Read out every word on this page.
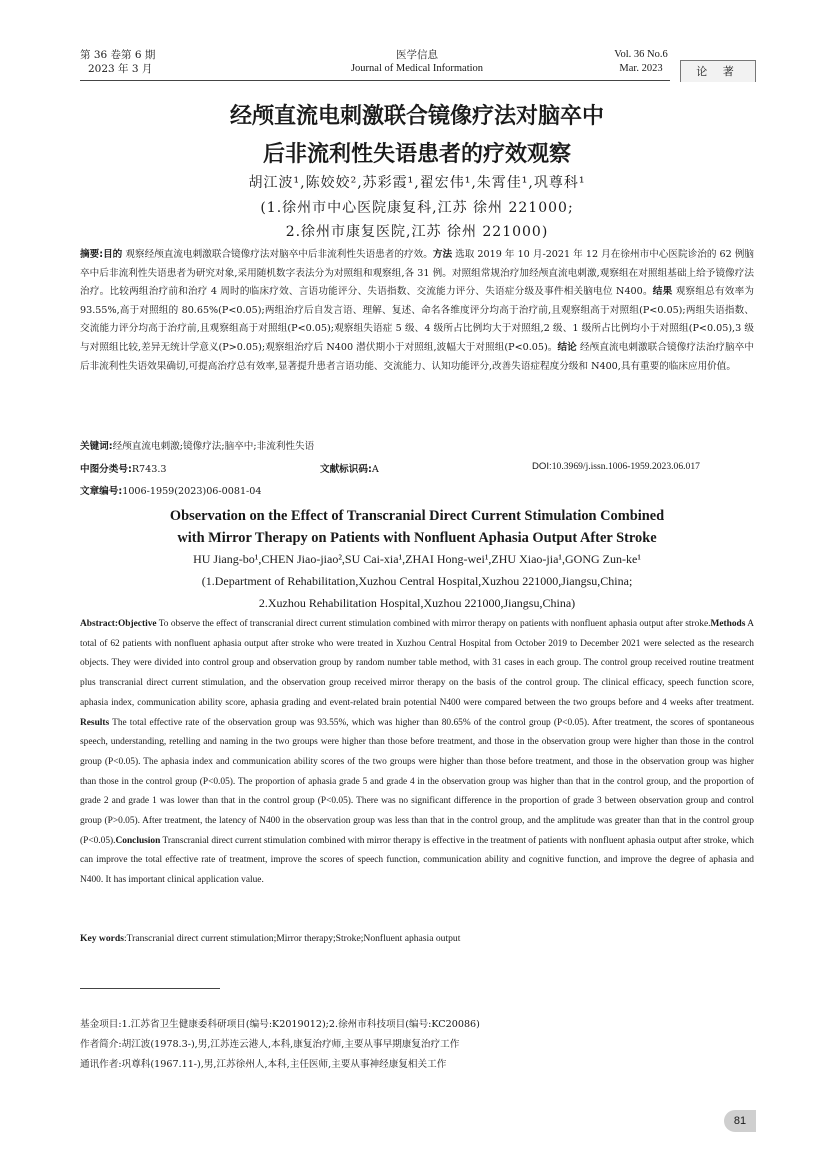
第 36 卷第 6 期
2023 年 3 月
医学信息
Journal of Medical Information
Vol. 36 No.6
Mar. 2023	论 著
经颅直流电刺激联合镜像疗法对脑卒中
后非流利性失语患者的疗效观察
胡江波¹,陈姣姣²,苏彩霞¹,翟宏伟¹,朱霄佳¹,巩尊科¹
(1.徐州市中心医院康复科,江苏 徐州 221000;
2.徐州市康复医院,江苏 徐州 221000)
摘要:目的 观察经颅直流电刺激联合镜像疗法对脑卒中后非流利性失语患者的疗效。方法 选取 2019 年 10 月-2021 年 12 月在徐州市中心医院诊治的 62 例脑卒中后非流利性失语患者为研究对象,采用随机数字表法分为对照组和观察组,各 31 例。对照组常规治疗加经颅直流电刺激,观察组在对照组基础上给予镜像疗法治疗。比较两组治疗前和治疗 4 周时的临床疗效、言语功能评分、失语指数、交流能力评分、失语症分级及事件相关脑电位 N400。结果 观察组总有效率为 93.55%,高于对照组的 80.65%(P<0.05);两组治疗后自发言语、理解、复述、命名各维度评分均高于治疗前,且观察组高于对照组(P<0.05);两组失语指数、交流能力评分均高于治疗前,且观察组高于对照组(P<0.05);观察组失语症 5 级、4 级所占比例均大于对照组,2 级、1 级所占比例均小于对照组(P<0.05),3 级与对照组比较,差异无统计学意义(P>0.05);观察组治疗后 N400 潜伏期小于对照组,波幅大于对照组(P<0.05)。结论 经颅直流电刺激联合镜像疗法治疗脑卒中后非流利性失语效果确切,可提高治疗总有效率,显著提升患者言语功能、交流能力、认知功能评分,改善失语症程度分级和 N400,具有重要的临床应用价值。
关键词:经颅直流电刺激;镜像疗法;脑卒中;非流利性失语
中图分类号:R743.3	文献标识码:A	DOI:10.3969/j.issn.1006-1959.2023.06.017
文章编号:1006-1959(2023)06-0081-04
Observation on the Effect of Transcranial Direct Current Stimulation Combined
with Mirror Therapy on Patients with Nonfluent Aphasia Output After Stroke
HU Jiang-bo¹,CHEN Jiao-jiao²,SU Cai-xia¹,ZHAI Hong-wei¹,ZHU Xiao-jia¹,GONG Zun-ke¹
(1.Department of Rehabilitation,Xuzhou Central Hospital,Xuzhou 221000,Jiangsu,China;
2.Xuzhou Rehabilitation Hospital,Xuzhou 221000,Jiangsu,China)
Abstract:Objective To observe the effect of transcranial direct current stimulation combined with mirror therapy on patients with nonfluent aphasia output after stroke.Methods A total of 62 patients with nonfluent aphasia output after stroke who were treated in Xuzhou Central Hospital from October 2019 to December 2021 were selected as the research objects. They were divided into control group and observation group by random number table method, with 31 cases in each group. The control group received routine treatment plus transcranial direct current stimulation, and the observation group received mirror therapy on the basis of the control group. The clinical efficacy, speech function score, aphasia index, communication ability score, aphasia grading and event-related brain potential N400 were compared between the two groups before and 4 weeks after treatment. Results The total effective rate of the observation group was 93.55%, which was higher than 80.65% of the control group (P<0.05). After treatment, the scores of spontaneous speech, understanding, retelling and naming in the two groups were higher than those before treatment, and those in the observation group were higher than those in the control group (P<0.05). The aphasia index and communication ability scores of the two groups were higher than those before treatment, and those in the observation group was higher than those in the control group (P<0.05). The proportion of aphasia grade 5 and grade 4 in the observation group was higher than that in the control group, and the proportion of grade 2 and grade 1 was lower than that in the control group (P<0.05). There was no significant difference in the proportion of grade 3 between observation group and control group (P>0.05). After treatment, the latency of N400 in the observation group was less than that in the control group, and the amplitude was greater than that in the control group (P<0.05).Conclusion Transcranial direct current stimulation combined with mirror therapy is effective in the treatment of patients with nonfluent aphasia output after stroke, which can improve the total effective rate of treatment, improve the scores of speech function, communication ability and cognitive function, and improve the degree of aphasia and N400. It has important clinical application value.
Key words:Transcranial direct current stimulation;Mirror therapy;Stroke;Nonfluent aphasia output
基金项目:1.江苏省卫生健康委科研项目(编号:K2019012);2.徐州市科技项目(编号:KC20086)
作者简介:胡江波(1978.3-),男,江苏连云港人,本科,康复治疗师,主要从事早期康复治疗工作
通讯作者:巩尊科(1967.11-),男,江苏徐州人,本科,主任医师,主要从事神经康复相关工作
81
